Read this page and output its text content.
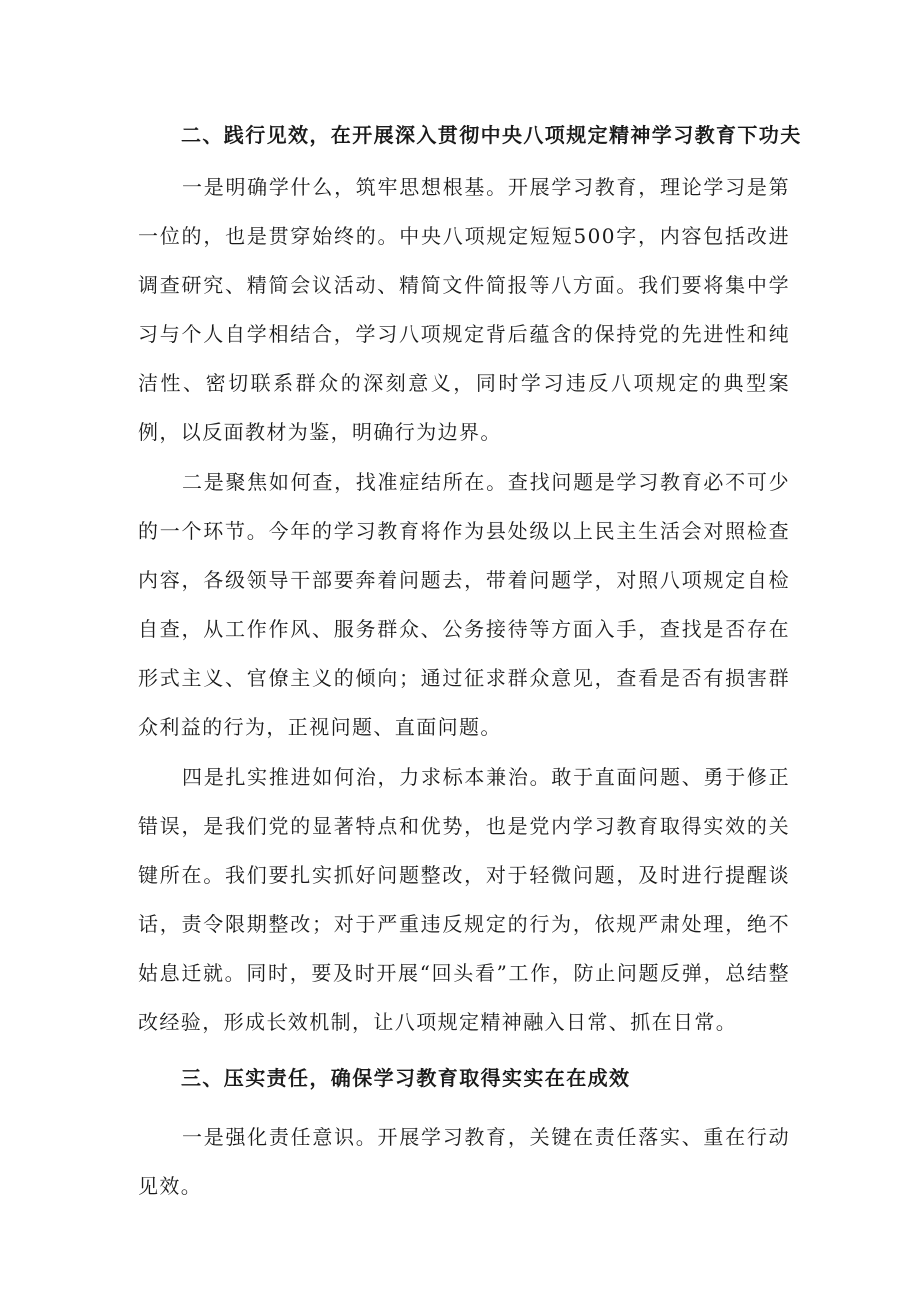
二、践行见效，在开展深入贯彻中央八项规定精神学习教育下功夫

一是明确学什么，筑牢思想根基。开展学习教育，理论学习是第一位的，也是贯穿始终的。中央八项规定短短500字，内容包括改进调查研究、精简会议活动、精简文件简报等八方面。我们要将集中学习与个人自学相结合，学习八项规定背后蕴含的保持党的先进性和纯洁性、密切联系群众的深刻意义，同时学习违反八项规定的典型案例，以反面教材为鉴，明确行为边界。

二是聚焦如何查，找准症结所在。查找问题是学习教育必不可少的一个环节。今年的学习教育将作为县处级以上民主生活会对照检查内容，各级领导干部要奔着问题去，带着问题学，对照八项规定自检自查，从工作作风、服务群众、公务接待等方面入手，查找是否存在形式主义、官僚主义的倾向；通过征求群众意见，查看是否有损害群众利益的行为，正视问题、直面问题。

四是扎实推进如何治，力求标本兼治。敢于直面问题、勇于修正错误，是我们党的显著特点和优势，也是党内学习教育取得实效的关键所在。我们要扎实抓好问题整改，对于轻微问题，及时进行提醒谈话，责令限期整改；对于严重违反规定的行为，依规严肃处理，绝不姑息迁就。同时，要及时开展“回头看”工作，防止问题反弹，总结整改经验，形成长效机制，让八项规定精神融入日常、抓在日常。

三、压实责任，确保学习教育取得实实在在成效

一是强化责任意识。开展学习教育，关键在责任落实、重在行动见效。
